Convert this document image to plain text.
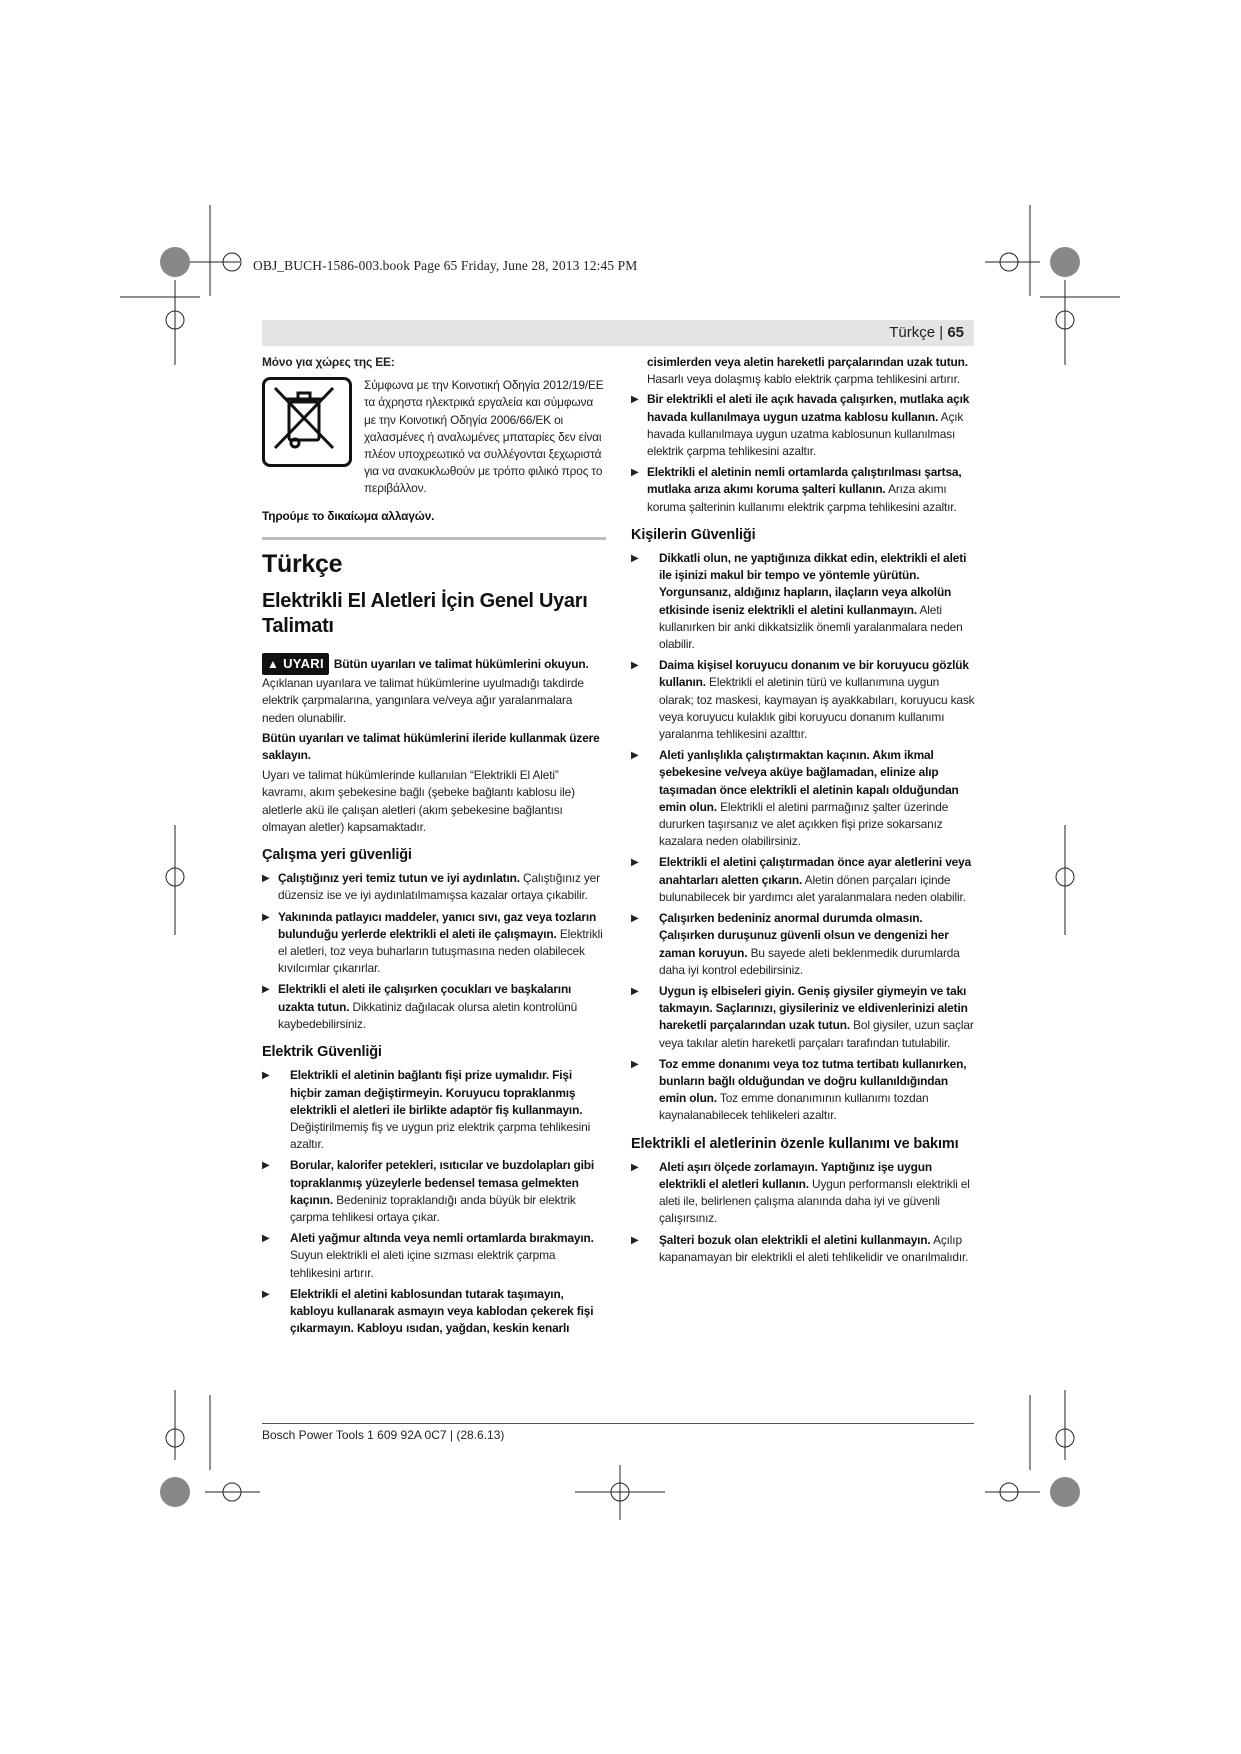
OBJ_BUCH-1586-003.book Page 65 Friday, June 28, 2013 12:45 PM
Türkçe | 65
Μόνο για χώρες της ΕΕ:
Σύμφωνα με την Κοινοτική Οδηγία 2012/19/ΕΕ τα άχρηστα ηλεκτρικά εργαλεία και σύμφωνα με την Κοινοτική Οδηγία 2006/66/ΕΚ οι χαλασμένες ή αναλωμένες μπαταρίες δεν είναι πλέον υποχρεωτικό να συλλέγονται ξεχωριστά για να ανακυκλωθούν με τρόπο φιλικό προς το περιβάλλον.

Τηρούμε το δικαίωμα αλλαγών.

Türkçe
Elektrikli El Aletleri İçin Genel Uyarı Talimatı

▲ UYARI Bütün uyarıları ve talimat hükümlerini okuyun. Açıklanan uyarılara ve talimat hükümlerine uyulmadığı takdirde elektrik çarpmalarına, yangınlara ve/veya ağır yaralanmalara neden olunabilir.

Bütün uyarıları ve talimat hükümlerini ileride kullanmak üzere saklayın.

Uyarı ve talimat hükümlerinde kullanılan “Elektrikli El Aleti” kavramı, akım şebekesine bağlı (şebeke bağlantı kablosu ile) aletlerle akü ile çalışan aletleri (akım şebekesine bağlantısı olmayan aletler) kapsamaktadır.

Çalışma yeri güvenliği
▶ Çalıştığınız yeri temiz tutun ve iyi aydınlatın. Çalıştığınız yer düzensiz ise ve iyi aydınlatılmamışsa kazalar ortaya çıkabilir.
▶ Yakınında patlayıcı maddeler, yanıcı sıvı, gaz veya tozların bulunduğu yerlerde elektrikli el aleti ile çalışmayın. Elektrikli el aletleri, toz veya buharların tutuşmasına neden olabilecek kıvılcımlar çıkarırlar.
▶ Elektrikli el aleti ile çalışırken çocukları ve başkalarını uzakta tutun. Dikkatiniz dağılacak olursa aletin kontrolünü kaybedebilirsiniz.
Elektrik Güvenliği
▶ Elektrikli el aletinin bağlantı fişi prize uymalıdır. Fişi hiçbir zaman değiştirmeyin. Koruyucu topraklanmış elektrikli el aletleri ile birlikte adaptör fiş kullanmayın. Değiştirilmemiş fiş ve uygun priz elektrik çarpma tehlikesini azaltır.
▶ Borular, kalorifer petekleri, ısıtıcılar ve buzdolapları gibi topraklanmış yüzeylerle bedensel temasa gelmekten kaçının. Bedeniniz topraklandığı anda büyük bir elektrik çarpma tehlikesi ortaya çıkar.
▶ Aleti yağmur altında veya nemli ortamlarda bırakmayın. Suyun elektrikli el aleti içine sızması elektrik çarpma tehlikesini artırır.
▶ Elektrikli el aletini kablosundan tutarak taşımayın, kabloyu kullanarak asmayın veya kablodan çekerek fişi çıkarmayın. Kabloyu ısıdan, yağdan, keskin kenarlı

cisimlerden veya aletin hareketli parçalarından uzak tutun. Hasarlı veya dolaşmış kablo elektrik çarpma tehlikesini artırır.

▶ Bir elektrikli el aleti ile açık havada çalışırken, mutlaka açık havada kullanılmaya uygun uzatma kablosu kullanın. Açık havada kullanılmaya uygun uzatma kablosunun kullanılması elektrik çarpma tehlikesini azaltır.
▶ Elektrikli el aletinin nemli ortamlarda çalıştırılması şartsa, mutlaka arıza akımı koruma şalteri kullanın. Arıza akımı koruma şalterinin kullanımı elektrik çarpma tehlikesini azaltır.
Kişilerin Güvenliği
▶ Dikkatli olun, ne yaptığınıza dikkat edin, elektrikli el aleti ile işinizi makul bir tempo ve yöntemle yürütün. Yorgunsanız, aldığınız hapların, ilaçların veya alkolün etkisinde iseniz elektrikli el aletini kullanmayın. Aleti kullanırken bir anki dikkatsizlik önemli yaralanmalara neden olabilir.
▶ Daima kişisel koruyucu donanım ve bir koruyucu gözlük kullanın. Elektrikli el aletinin türü ve kullanımına uygun olarak; toz maskesi, kaymayan iş ayakkabıları, koruyucu kask veya koruyucu kulaklık gibi koruyucu donanım kullanımı yaralanma tehlikesini azalttır.
▶ Aleti yanlışlıkla çalıştırmaktan kaçının. Akım ikmal şebekesine ve/veya aküye bağlamadan, elinize alıp taşımadan önce elektrikli el aletinin kapalı olduğundan emin olun. Elektrikli el aletini parmağınız şalter üzerinde dururken taşırsanız ve alet açıkken fişi prize sokarsanız kazalara neden olabilirsiniz.
▶ Elektrikli el aletini çalıştırmadan önce ayar aletlerini veya anahtarları aletten çıkarın. Aletin dönen parçaları içinde bulunabilecek bir yardımcı alet yaralanmalara neden olabilir.
▶ Çalışırken bedeniniz anormal durumda olmasın. Çalışırken duruşunuz güvenli olsun ve dengenizi her zaman koruyun. Bu sayede aleti beklenmedik durumlarda daha iyi kontrol edebilirsiniz.
▶ Uygun iş elbiseleri giyin. Geniş giysiler giymeyin ve takı takmayın. Saçlarınızı, giysileriniz ve eldivenlerinizi aletin hareketli parçalarından uzak tutun. Bol giysiler, uzun saçlar veya takılar aletin hareketli parçaları tarafından tutulabilir.
▶ Toz emme donanımı veya toz tutma tertibatı kullanırken, bunların bağlı olduğundan ve doğru kullanıldığından emin olun. Toz emme donanımının kullanımı tozdan kaynalanabilecek tehlikeleri azaltır.
Elektrikli el aletlerinin özenle kullanımı ve bakımı
▶ Aleti aşırı ölçede zorlamayın. Yaptığınız işe uygun elektrikli el aletleri kullanın. Uygun performanslı elektrikli el aleti ile, belirlenen çalışma alanında daha iyi ve güvenli çalışırsınız.
▶ Şalteri bozuk olan elektrikli el aletini kullanmayın. Açılıp kapanamayan bir elektrikli el aleti tehlikelidir ve onarılmalıdır.
Bosch Power Tools 1 609 92A 0C7 | (28.6.13)
